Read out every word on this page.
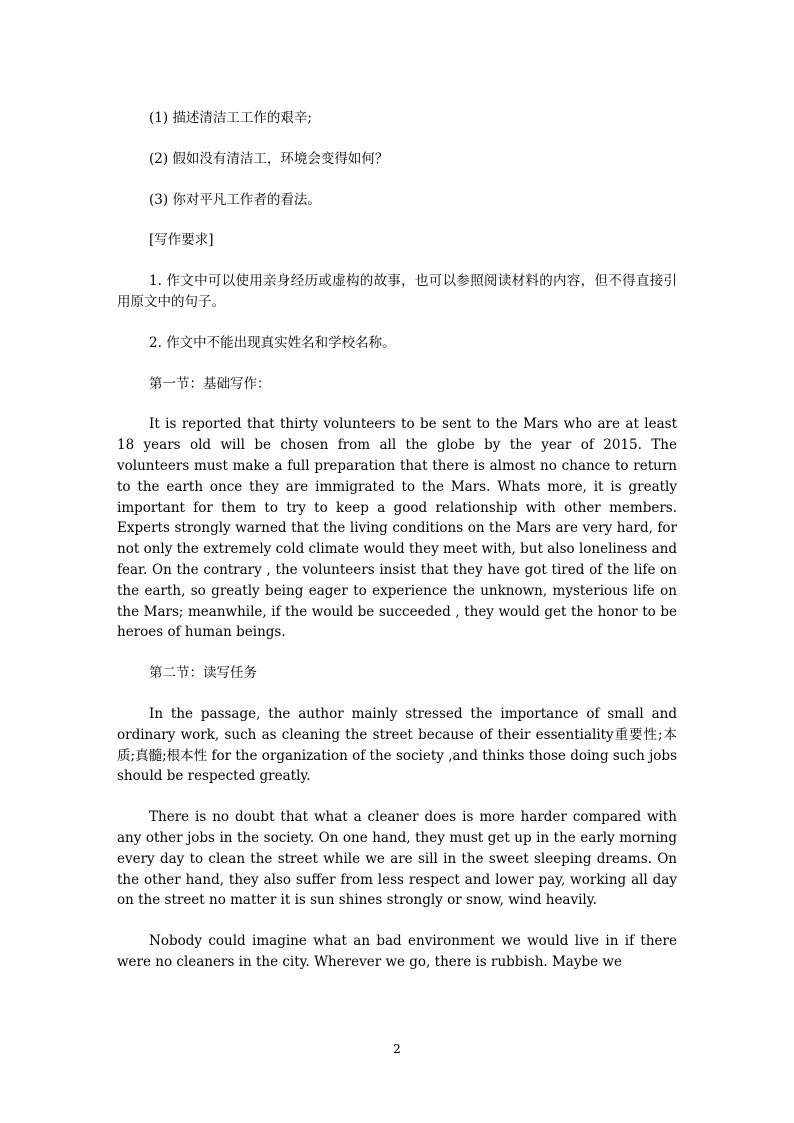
(1) 描述清洁工工作的艰辛;

(2) 假如没有清洁工，环境会变得如何？

(3) 你对平凡工作者的看法。

[写作要求]

1. 作文中可以使用亲身经历或虚构的故事，也可以参照阅读材料的内容，但不得直接引用原文中的句子。

2. 作文中不能出现真实姓名和学校名称。

第一节：基础写作：

It is reported that thirty volunteers to be sent to the Mars who are at least 18 years old will be chosen from all the globe by the year of 2015. The volunteers must make a full preparation that there is almost no chance to return to the earth once they are immigrated to the Mars. Whats more, it is greatly important for them to try to keep a good relationship with other members. Experts strongly warned that the living conditions on the Mars are very hard, for not only the extremely cold climate would they meet with, but also loneliness and fear. On the contrary , the volunteers insist that they have got tired of the life on the earth, so greatly being eager to experience the unknown, mysterious life on the Mars; meanwhile, if the would be succeeded , they would get the honor to be heroes of human beings.

第二节：读写任务

In the passage, the author mainly stressed the importance of small and ordinary work, such as cleaning the street because of their essentiality重要性;本质;真髓;根本性 for the organization of the society ,and thinks those doing such jobs should be respected greatly.

There is no doubt that what a cleaner does is more harder compared with any other jobs in the society. On one hand, they must get up in the early morning every day to clean the street while we are sill in the sweet sleeping dreams. On the other hand, they also suffer from less respect and lower pay, working all day on the street no matter it is sun shines strongly or snow, wind heavily.

Nobody could imagine what an bad environment we would live in if there were no cleaners in the city. Wherever we go, there is rubbish. Maybe we

2
